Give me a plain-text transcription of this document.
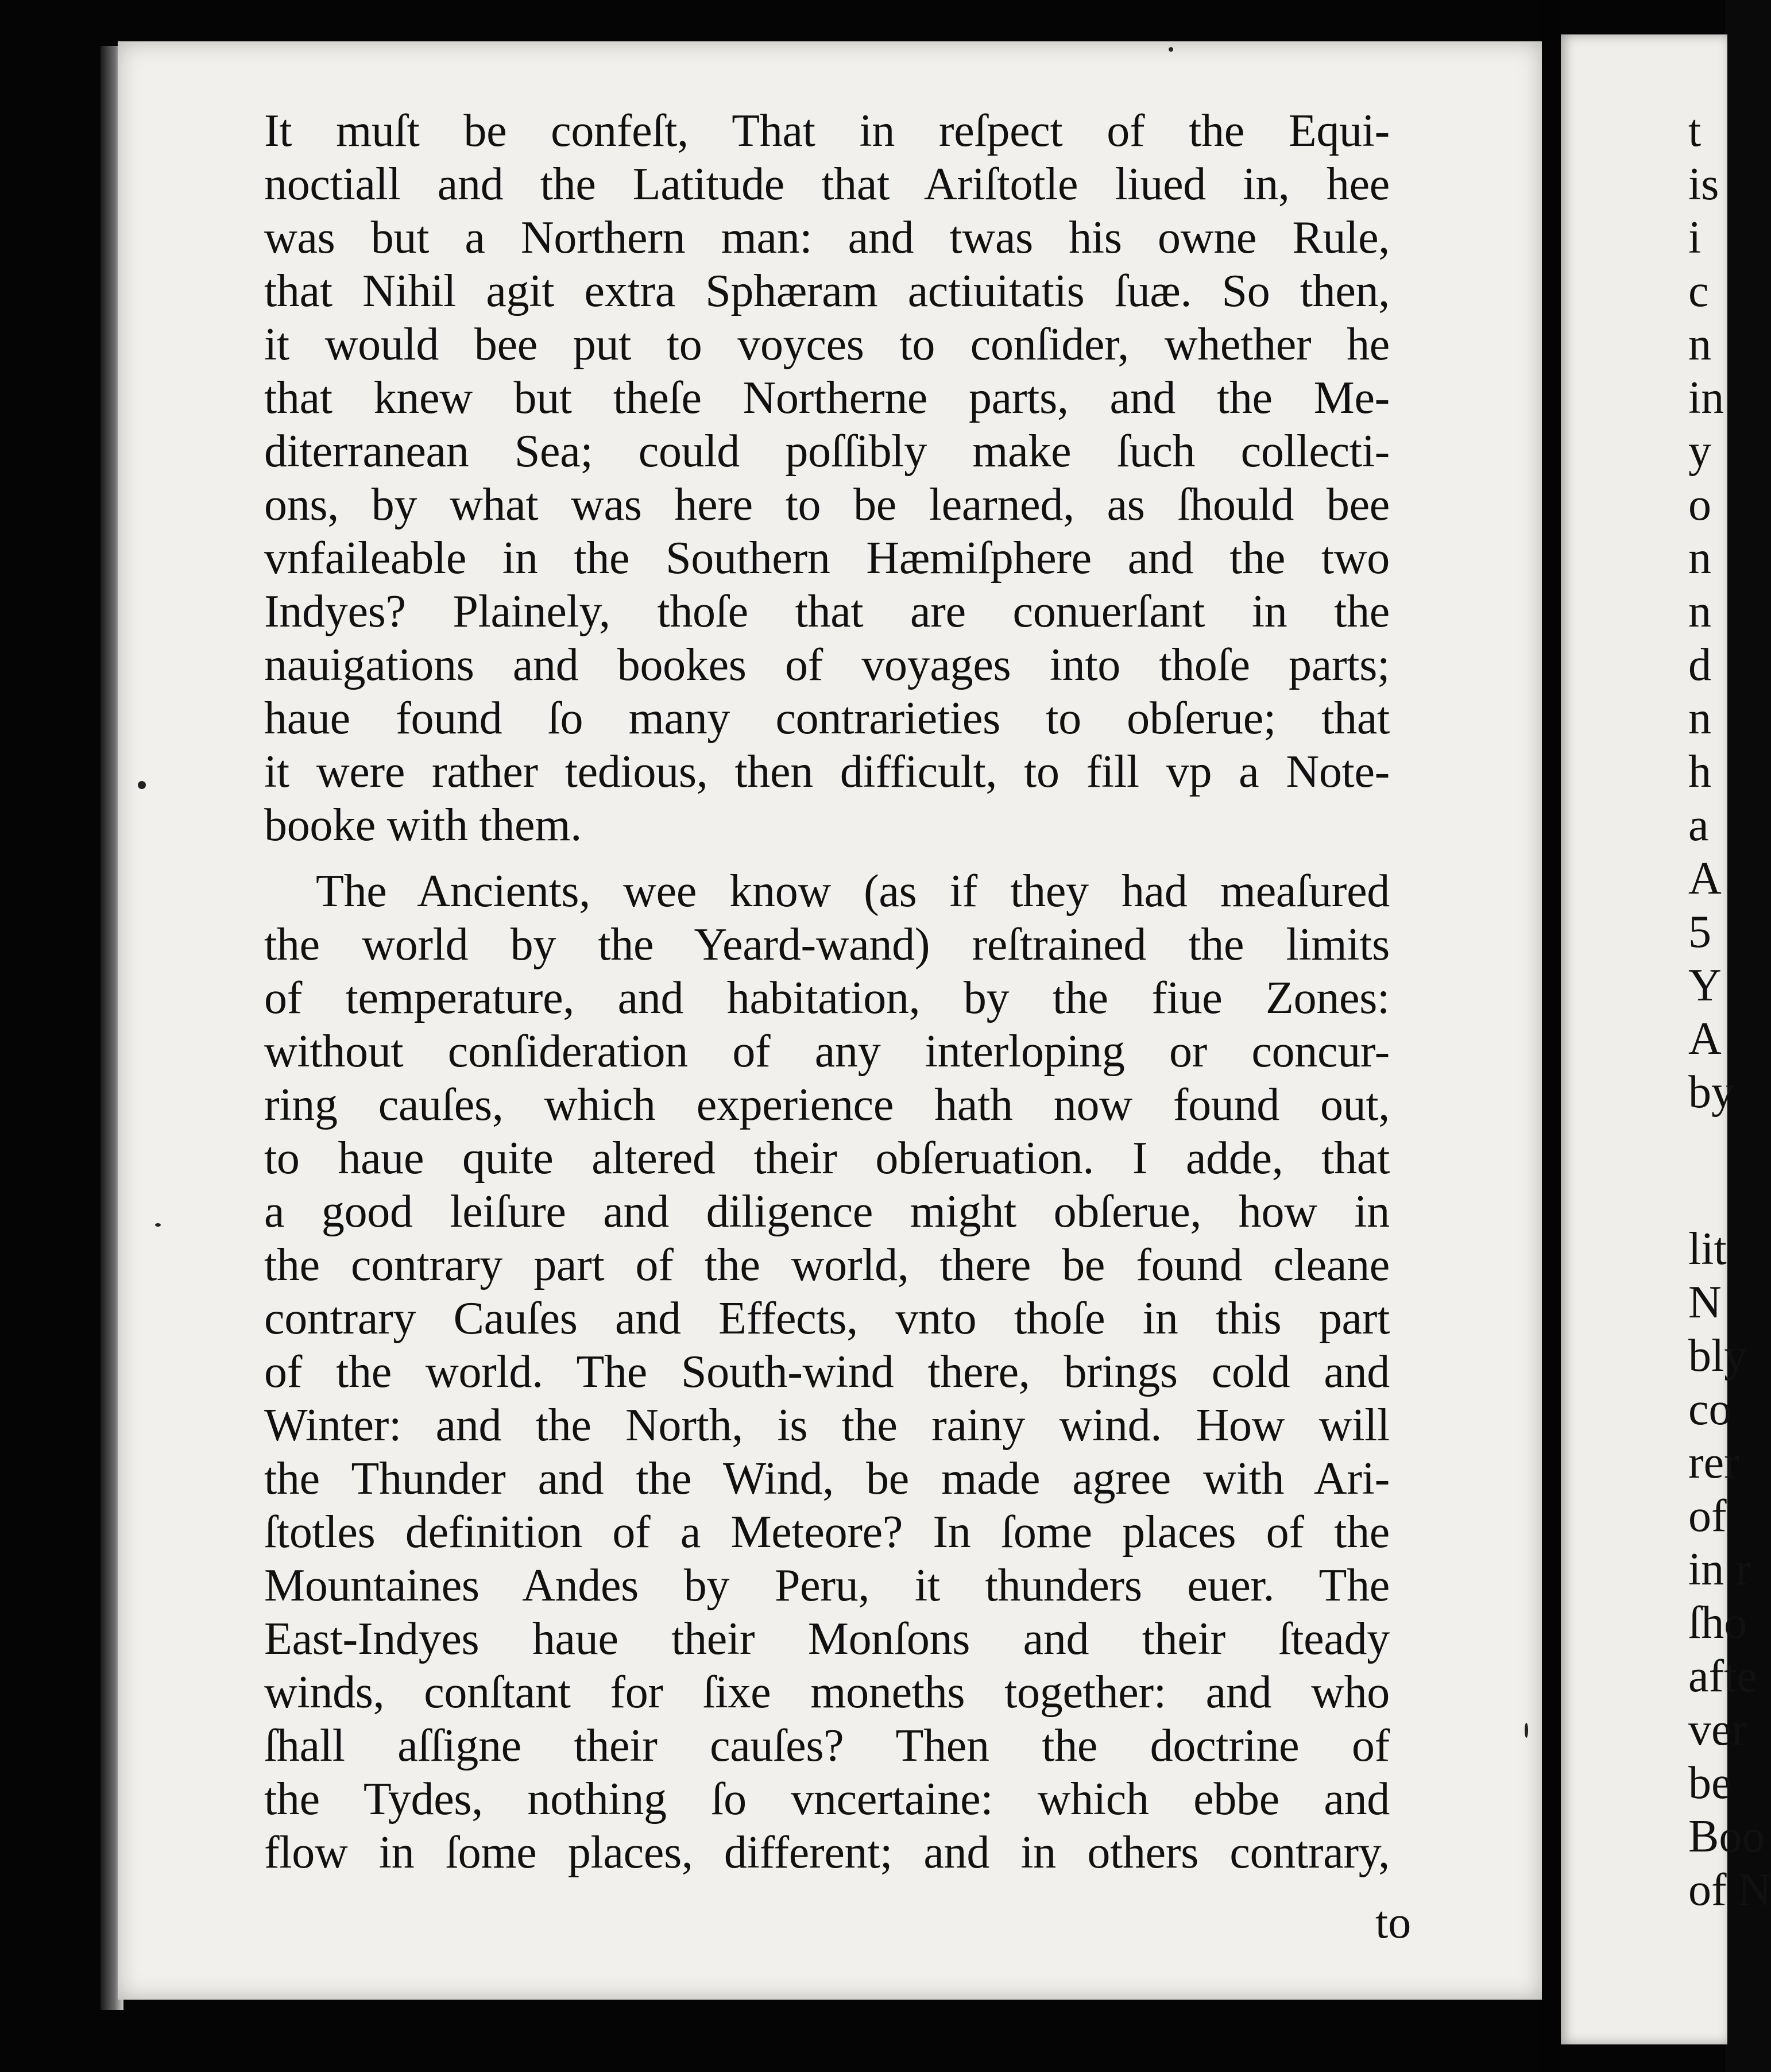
It muſt be confeſt, That in reſpect of the Equi-
noctiall and the Latitude that Ariſtotle liued in, hee
was but a Northern man: and twas his owne Rule,
that Nihil agit extra Sphæram actiuitatis ſuæ. So then,
it would bee put to voyces to conſider, whether he
that knew but theſe Northerne parts, and the Me-
diterranean Sea; could poſſibly make ſuch collecti-
ons, by what was here to be learned, as ſhould bee
vnfaileable in the Southern Hæmiſphere and the two
Indyes? Plainely, thoſe that are conuerſant in the
nauigations and bookes of voyages into thoſe parts;
haue found ſo many contrarieties to obſerue; that
it were rather tedious, then difficult, to fill vp a Note-
booke with them.
The Ancients, wee know (as if they had meaſured
the world by the Yeard-wand) reſtrained the limits
of temperature, and habitation, by the fiue Zones:
without conſideration of any interloping or concur-
ring cauſes, which experience hath now found out,
to haue quite altered their obſeruation. I adde, that
a good leiſure and diligence might obſerue, how in
the contrary part of the world, there be found cleane
contrary Cauſes and Effects, vnto thoſe in this part
of the world. The South-wind there, brings cold and
Winter: and the North, is the rainy wind. How will
the Thunder and the Wind, be made agree with Ari-
ſtotles definition of a Meteore? In ſome places of the
Mountaines Andes by Peru, it thunders euer. The
East-Indyes haue their Monſons and their ſteady
winds, conſtant for ſixe moneths together: and who
ſhall aſſigne their cauſes? Then the doctrine of
the Tydes, nothing ſo vncertaine: which ebbe and
flow in ſome places, different; and in others contrary,
to
t
is
i
c
n
in
y
o
n
n
d
n
h
a
A
5
Y
A
by
lit
N
bly
co
rer
of
in r
ſho
afte
ver
be
Boo
of N
